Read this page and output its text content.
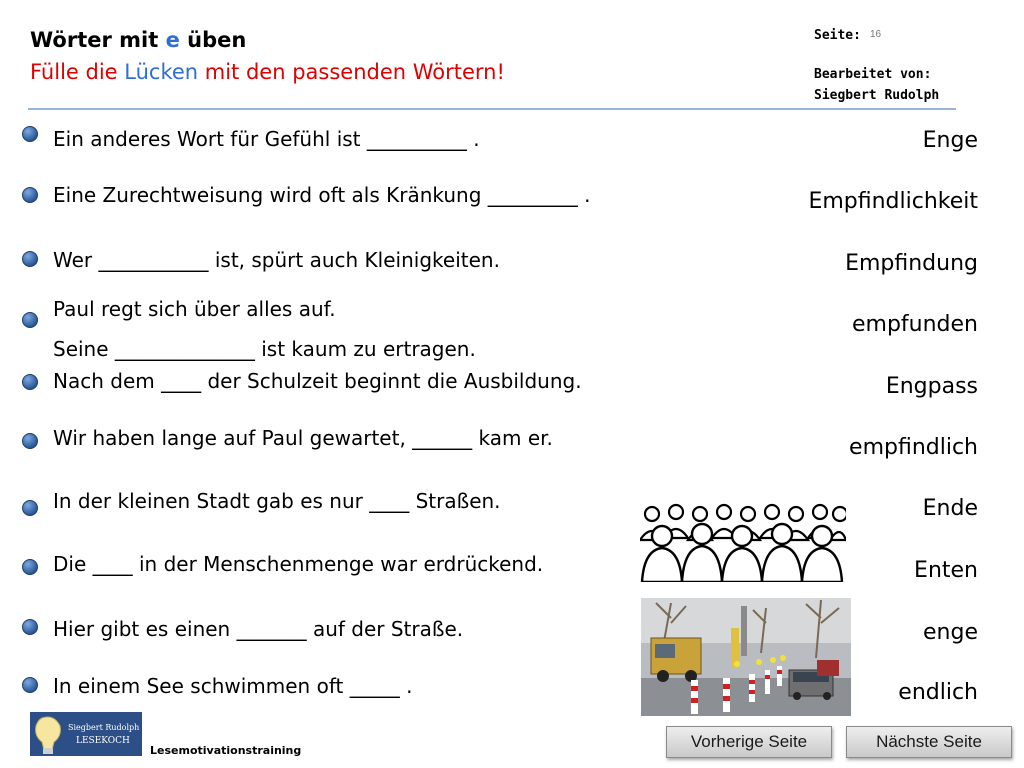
Wörter mit e üben
Fülle die Lücken mit den passenden Wörtern!
Seite: 16
Bearbeitet von:
Siegbert Rudolph
Ein anderes Wort für Gefühl ist __________ .
Eine Zurechtweisung wird oft als Kränkung _________ .
Wer ___________ ist, spürt auch Kleinigkeiten.
Paul regt sich über alles auf.
Seine ______________ ist kaum zu ertragen.
Nach dem ____ der Schulzeit beginnt die Ausbildung.
Wir haben lange auf Paul gewartet, ______ kam er.
In der kleinen Stadt gab es nur ____ Straßen.
Die ____ in der Menschenmenge war erdrückend.
Hier gibt es einen _______ auf der Straße.
In einem See schwimmen oft _____ .
Enge
Empfindlichkeit
Empfindung
empfunden
Engpass
empfindlich
Ende
Enten
enge
endlich
Siegbert Rudolph
LESEKOCH
Lesemotivationstraining	Vorherige Seite	Nächste Seite
